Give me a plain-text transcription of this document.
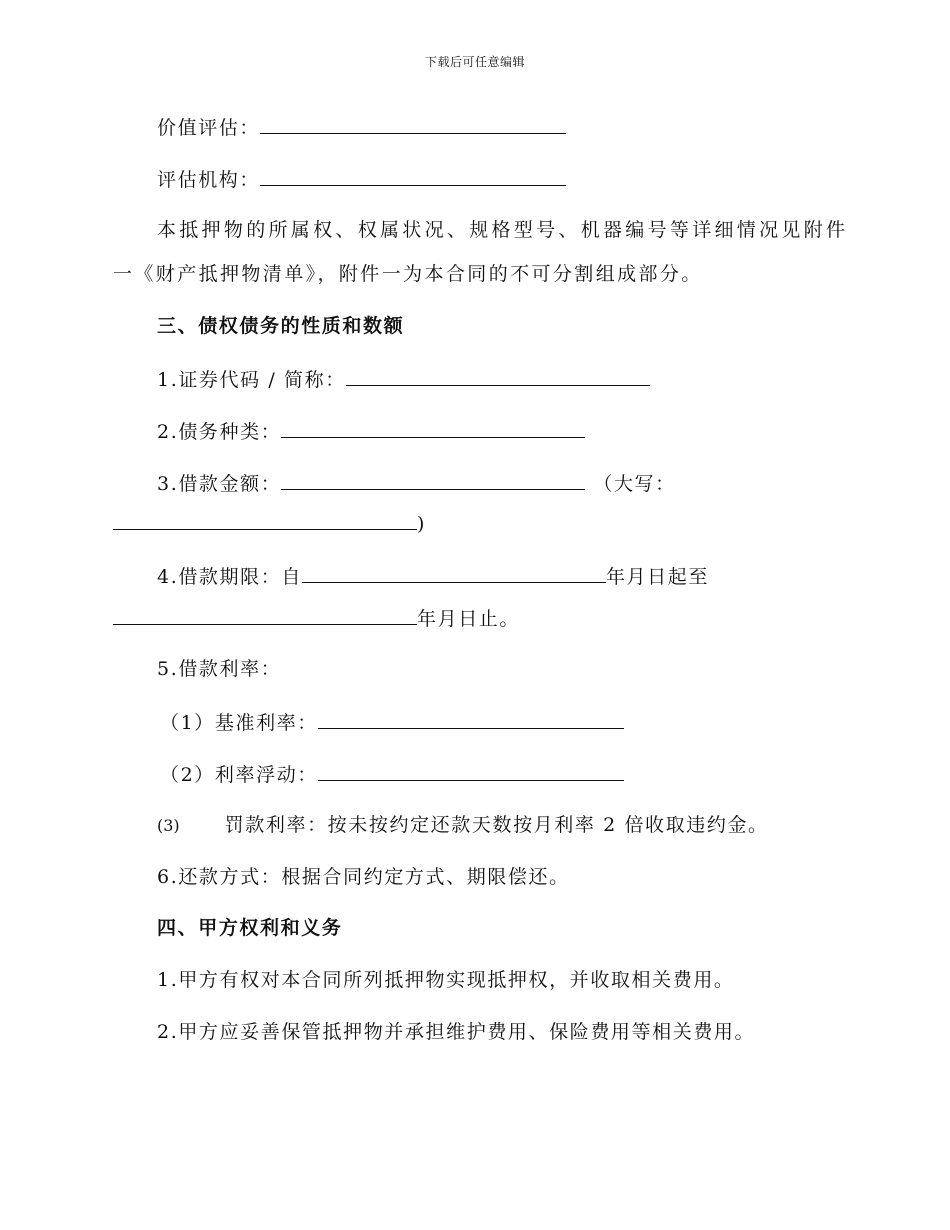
下载后可任意编辑
价值评估：
评估机构：
本抵押物的所属权、权属状况、规格型号、机器编号等详细情况见附件
一《财产抵押物清单》，附件一为本合同的不可分割组成部分。
三、债权债务的性质和数额
1.证券代码 / 简称：
2.债务种类：
3.借款金额：	（大写：
)
4.借款期限：自	年月日起至
年月日止。
5.借款利率：
（1）基准利率：
（2）利率浮动：
(3) 罚款利率：按未按约定还款天数按月利率 2 倍收取违约金。
6.还款方式：根据合同约定方式、期限偿还。
四、甲方权利和义务
1.甲方有权对本合同所列抵押物实现抵押权，并收取相关费用。
2.甲方应妥善保管抵押物并承担维护费用、保险费用等相关费用。
